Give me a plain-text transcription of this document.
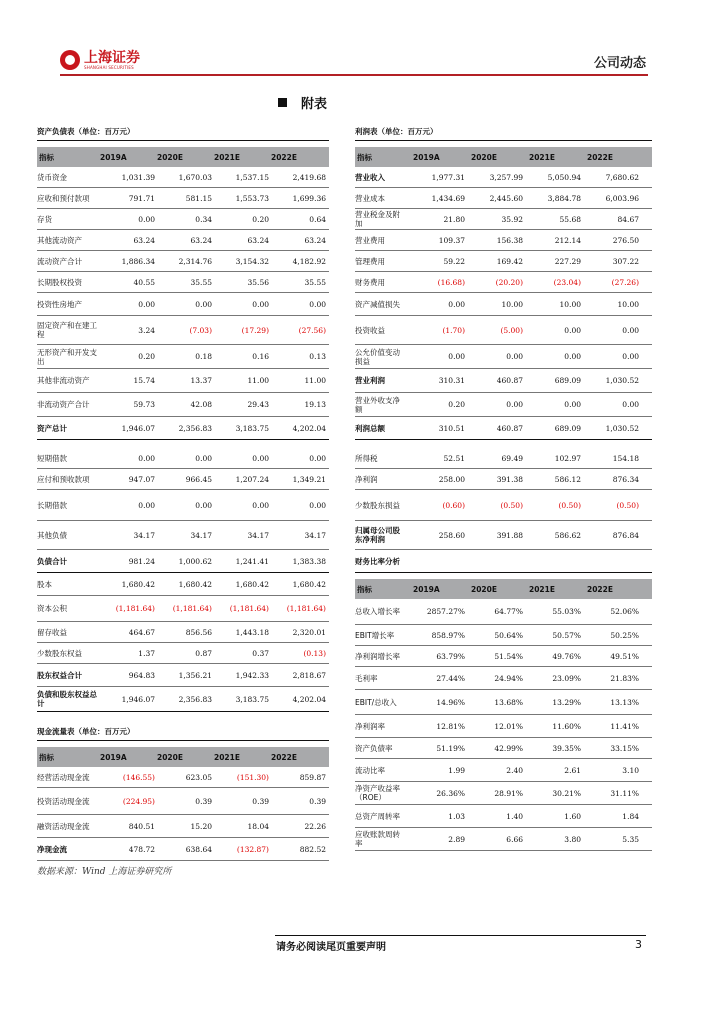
上海证券
SHANGHAI SECURITIES	公司动态
附表
资产负债表（单位：百万元）
指标	2019A	2020E	2021E	2022E
货币资金	1,031.39	1,670.03	1,537.15	2,419.68
应收和预付款项	791.71	581.15	1,553.73	1,699.36
存货	0.00	0.34	0.20	0.64
其他流动资产	63.24	63.24	63.24	63.24
流动资产合计	1,886.34	2,314.76	3,154.32	4,182.92
长期股权投资	40.55	35.55	35.56	35.55
投资性房地产	0.00	0.00	0.00	0.00
固定资产和在建工程	3.24	(7.03)	(17.29)	(27.56)
无形资产和开发支出	0.20	0.18	0.16	0.13
其他非流动资产	15.74	13.37	11.00	11.00
非流动资产合计	59.73	42.08	29.43	19.13
资产总计	1,946.07	2,356.83	3,183.75	4,202.04
短期借款	0.00	0.00	0.00	0.00
应付和预收款项	947.07	966.45	1,207.24	1,349.21
长期借款	0.00	0.00	0.00	0.00
其他负债	34.17	34.17	34.17	34.17
负债合计	981.24	1,000.62	1,241.41	1,383.38
股本	1,680.42	1,680.42	1,680.42	1,680.42
资本公积	(1,181.64)	(1,181.64)	(1,181.64)	(1,181.64)
留存收益	464.67	856.56	1,443.18	2,320.01
少数股东权益	1.37	0.87	0.37	(0.13)
股东权益合计	964.83	1,356.21	1,942.33	2,818.67
负债和股东权益总计	1,946.07	2,356.83	3,183.75	4,202.04
利润表（单位：百万元）
指标	2019A	2020E	2021E	2022E
营业收入	1,977.31	3,257.99	5,050.94	7,680.62
营业成本	1,434.69	2,445.60	3,884.78	6,003.96
营业税金及附加	21.80	35.92	55.68	84.67
营业费用	109.37	156.38	212.14	276.50
管理费用	59.22	169.42	227.29	307.22
财务费用	(16.68)	(20.20)	(23.04)	(27.26)
资产减值损失	0.00	10.00	10.00	10.00
投资收益	(1.70)	(5.00)	0.00	0.00
公允价值变动损益	0.00	0.00	0.00	0.00
营业利润	310.31	460.87	689.09	1,030.52
营业外收支净额	0.20	0.00	0.00	0.00
利润总额	310.51	460.87	689.09	1,030.52
所得税	52.51	69.49	102.97	154.18
净利润	258.00	391.38	586.12	876.34
少数股东损益	(0.60)	(0.50)	(0.50)	(0.50)
归属母公司股东净利润	258.60	391.88	586.62	876.84
财务比率分析
指标	2019A	2020E	2021E	2022E
总收入增长率	2857.27%	64.77%	55.03%	52.06%
EBIT增长率	858.97%	50.64%	50.57%	50.25%
净利润增长率	63.79%	51.54%	49.76%	49.51%
毛利率	27.44%	24.94%	23.09%	21.83%
EBIT/总收入	14.96%	13.68%	13.29%	13.13%
净利润率	12.81%	12.01%	11.60%	11.41%
资产负债率	51.19%	42.99%	39.35%	33.15%
流动比率	1.99	2.40	2.61	3.10
净资产收益率（ROE）	26.36%	28.91%	30.21%	31.11%
总资产周转率	1.03	1.40	1.60	1.84
应收账款周转率	2.89	6.66	3.80	5.35
现金流量表（单位：百万元）
指标	2019A	2020E	2021E	2022E
经营活动现金流	(146.55)	623.05	(151.30)	859.87
投资活动现金流	(224.95)	0.39	0.39	0.39
融资活动现金流	840.51	15.20	18.04	22.26
净现金流	478.72	638.64	(132.87)	882.52
数据来源：Wind 上海证券研究所
请务必阅读尾页重要声明	3
